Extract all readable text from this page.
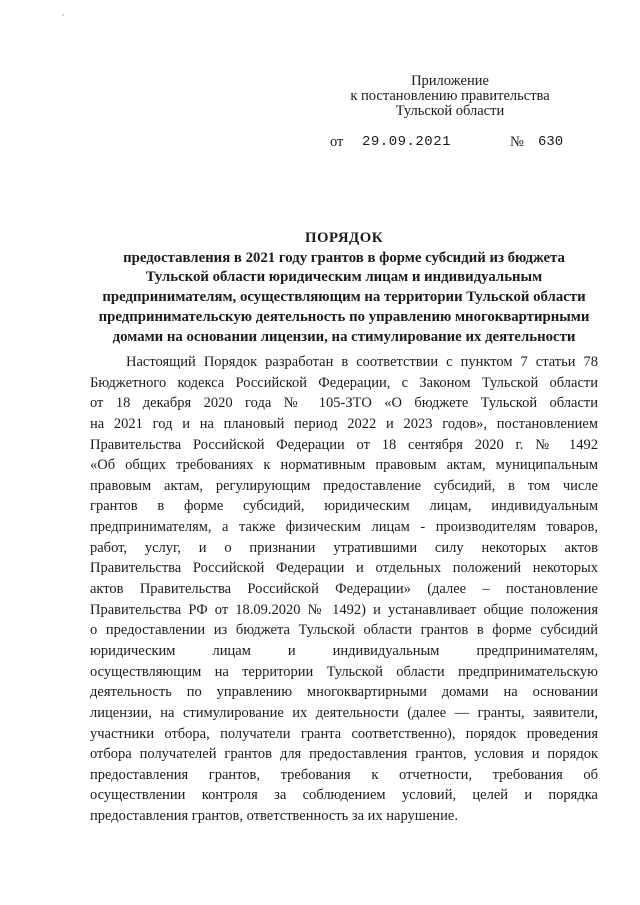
Приложение
к постановлению правительства
Тульской области
от 29.09.2021	№ 630
ПОРЯДОК
предоставления в 2021 году грантов в форме субсидий из бюджета
Тульской области юридическим лицам и индивидуальным
предпринимателям, осуществляющим на территории Тульской области
предпринимательскую деятельность по управлению многоквартирными
домами на основании лицензии, на стимулирование их деятельности
Настоящий Порядок разработан в соответствии с пунктом 7 статьи 78
Бюджетного кодекса Российской Федерации, с Законом Тульской области
от 18 декабря 2020 года № 105-ЗТО «О бюджете Тульской области
на 2021 год и на плановый период 2022 и 2023 годов», постановлением
Правительства Российской Федерации от 18 сентября 2020 г. № 1492
«Об общих требованиях к нормативным правовым актам, муниципальным
правовым актам, регулирующим предоставление субсидий, в том числе
грантов в форме субсидий, юридическим лицам, индивидуальным
предпринимателям, а также физическим лицам - производителям товаров,
работ, услуг, и о признании утратившими силу некоторых актов
Правительства Российской Федерации и отдельных положений некоторых
актов Правительства Российской Федерации» (далее – постановление
Правительства РФ от 18.09.2020 № 1492) и устанавливает общие положения
о предоставлении из бюджета Тульской области грантов в форме субсидий
юридическим лицам и индивидуальным предпринимателям,
осуществляющим на территории Тульской области предпринимательскую
деятельность по управлению многоквартирными домами на основании
лицензии, на стимулирование их деятельности (далее — гранты, заявители,
участники отбора, получатели гранта соответственно), порядок проведения
отбора получателей грантов для предоставления грантов, условия и порядок
предоставления грантов, требования к отчетности, требования об
осуществлении контроля за соблюдением условий, целей и порядка
предоставления грантов, ответственность за их нарушение.
